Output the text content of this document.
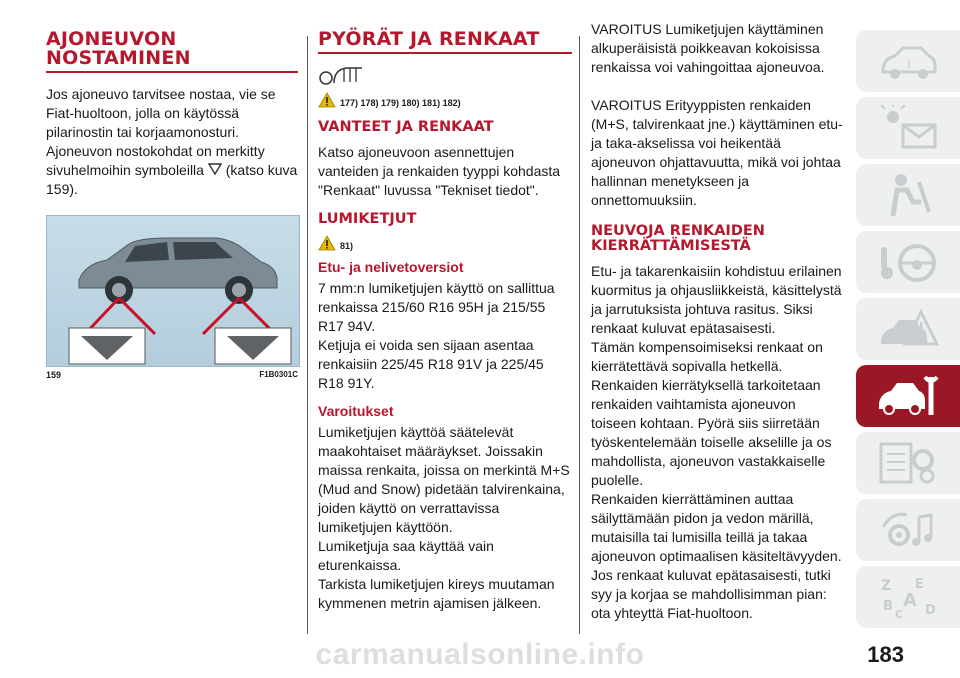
AJONEUVON NOSTAMINEN

Jos ajoneuvo tarvitsee nostaa, vie se Fiat-huoltoon, jolla on käytössä pilarinostin tai korjaamonosturi. Ajoneuvon nostokohdat on merkitty sivuhelmoihin symboleilla (katso kuva 159).

159	F1B0301C
PYÖRÄT JA RENKAAT
177) 178) 179) 180) 181) 182)
VANTEET JA RENKAAT

Katso ajoneuvoon asennettujen vanteiden ja renkaiden tyyppi kohdasta "Renkaat" luvussa "Tekniset tiedot".

LUMIKETJUT
81)
Etu- ja nelivetoversiot

7 mm:n lumiketjujen käyttö on sallittua renkaissa 215/60 R16 95H ja 215/55 R17 94V.

Ketjuja ei voida sen sijaan asentaa renkaisiin 225/45 R18 91V ja 225/45 R18 91Y.

Varoitukset

Lumiketjujen käyttöä säätelevät maakohtaiset määräykset. Joissakin maissa renkaita, joissa on merkintä M+S (Mud and Snow) pidetään talvirenkaina, joiden käyttö on verrattavissa lumiketjujen käyttöön.

Lumiketjuja saa käyttää vain eturenkaissa.

Tarkista lumiketjujen kireys muutaman kymmenen metrin ajamisen jälkeen.

VAROITUS Lumiketjujen käyttäminen alkuperäisistä poikkeavan kokoisissa renkaissa voi vahingoittaa ajoneuvoa.

VAROITUS Erityyppisten renkaiden (M+S, talvirenkaat jne.) käyttäminen etu- ja taka-akselissa voi heikentää ajoneuvon ohjattavuutta, mikä voi johtaa hallinnan menetykseen ja onnettomuuksiin.

NEUVOJA RENKAIDEN KIERRÄTTÄMISESTÄ

Etu- ja takarenkaisiin kohdistuu erilainen kuormitus ja ohjausliikkeistä, käsittelystä ja jarrutuksista johtuva rasitus. Siksi renkaat kuluvat epätasaisesti.

Tämän kompensoimiseksi renkaat on kierrätettävä sopivalla hetkellä.

Renkaiden kierrätyksellä tarkoitetaan renkaiden vaihtamista ajoneuvon toiseen kohtaan. Pyörä siis siirretään työskentelemään toiselle akselille ja os mahdollista, ajoneuvon vastakkaiselle puolelle.

Renkaiden kierrättäminen auttaa säilyttämään pidon ja vedon märillä, mutaisilla tai lumisilla teillä ja takaa ajoneuvon optimaalisen käsiteltävyyden.

Jos renkaat kuluvat epätasaisesti, tutki syy ja korjaa se mahdollisimman pian: ota yhteyttä Fiat-huoltoon.

i
Z E
B A
C D
183
carmanualsonline.info
